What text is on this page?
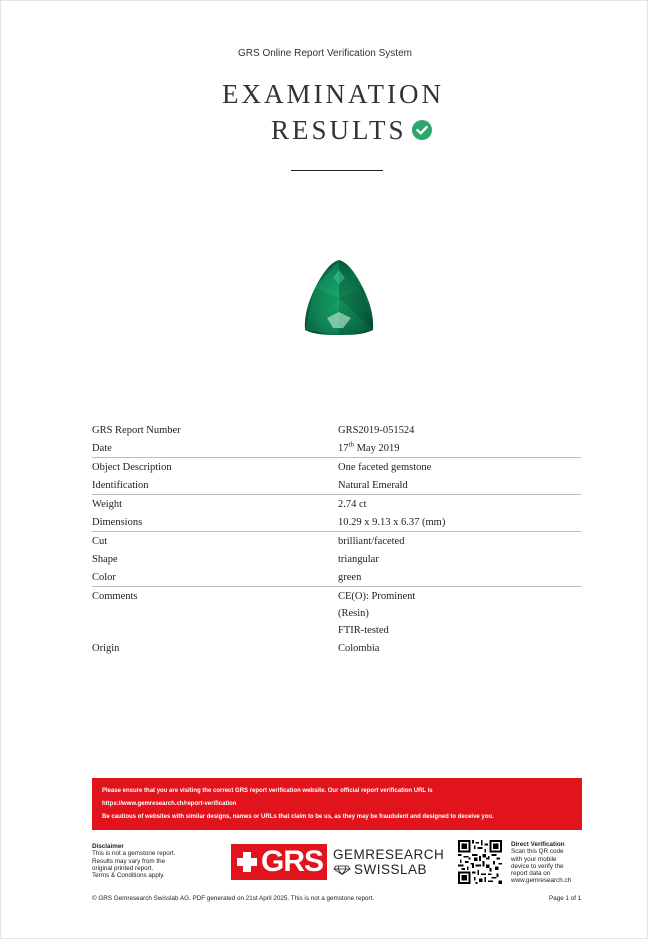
GRS Online Report Verification System
EXAMINATION
RESULTS
GRS Report Number	GRS2019-051524
Date	17th May 2019
Object Description	One faceted gemstone
Identification	Natural Emerald
Weight	2.74 ct
Dimensions	10.29 x 9.13 x 6.37 (mm)
Cut	brilliant/faceted
Shape	triangular
Color	green
Comments	CE(O): Prominent
(Resin)
FTIR-tested
Origin	Colombia
Please ensure that you are visiting the correct GRS report verification website. Our official report verification URL is
https://www.gemresearch.ch/report-verification
Be cautious of websites with similar designs, names or URLs that claim to be us, as they may be fraudulent and designed to deceive you.
Disclaimer
This is not a gemstone report.
Results may vary from the
original printed report.
Terms & Conditions apply.	GRS GEMRESEARCH
SWISSLAB
Direct Verification
Scan this QR code
with your mobile
device to verify the
report data on
www.gemresearch.ch
© GRS Gemresearch Swisslab AG. PDF generated on 21st April 2025. This is not a gemstone report.	Page 1 of 1
